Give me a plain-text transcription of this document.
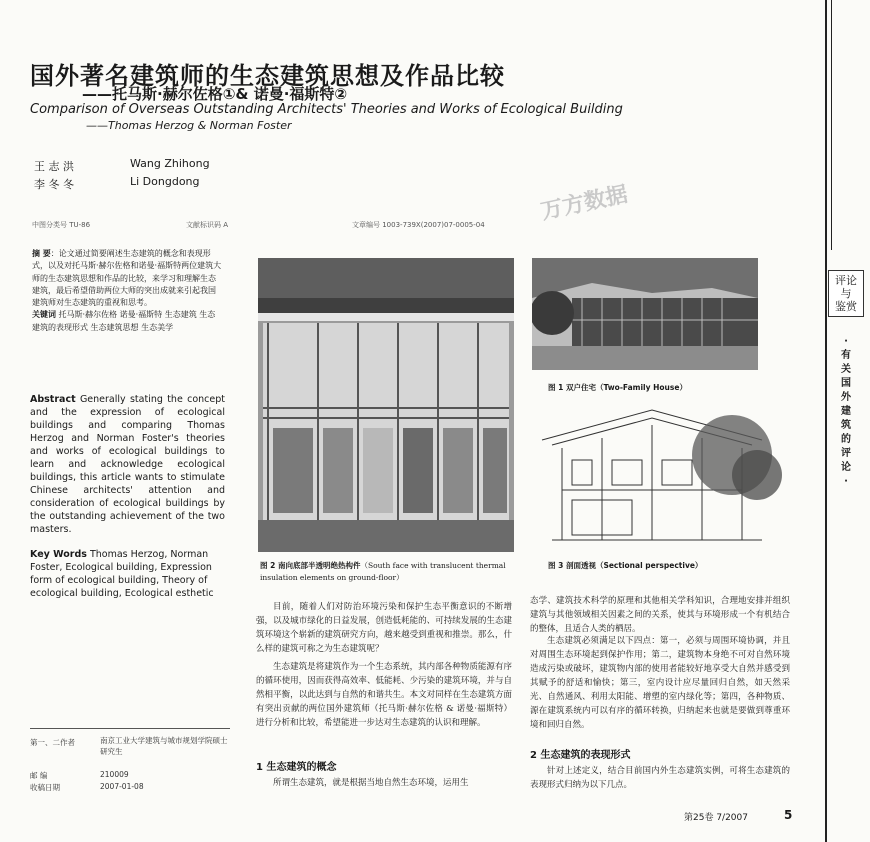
万方数据
国外著名建筑师的生态建筑思想及作品比较
——托马斯·赫尔佐格①& 诺曼·福斯特②
Comparison of Overseas Outstanding Architects' Theories and Works of Ecological Building
——Thomas Herzog & Norman Foster
王 志 洪	Wang Zhihong
李 冬 冬	Li Dongdong
中图分类号 TU-86	文献标识码 A	文章编号 1003-739X(2007)07-0005-04
摘 要：论文通过简要阐述生态建筑的概念和表现形式，以及对托马斯·赫尔佐格和诺曼·福斯特两位建筑大师的生态建筑思想和作品的比较，来学习和理解生态建筑，最后希望借助两位大师的突出成就来引起我国建筑师对生态建筑的重视和思考。
关键词 托马斯·赫尔佐格 诺曼·福斯特 生态建筑 生态建筑的表现形式 生态建筑思想 生态美学
Abstract Generally stating the concept and the expression of ecological buildings and comparing Thomas Herzog and Norman Foster's theories and works of ecological buildings to learn and acknowledge ecological buildings, this article wants to stimulate Chinese architects' attention and consideration of ecological buildings by the outstanding achievement of the two masters.
Key Words Thomas Herzog, Norman Foster, Ecological building, Expression form of ecological building, Theory of ecological building, Ecological esthetic
第一、二作者	南京工业大学建筑与城市规划学院硕士研究生
邮 编	210009
收稿日期	2007-01-08
图 2 南向底部半透明绝热构件（South face with translucent thermal insulation elements on ground-floor）
图 1 双户住宅（Two-Family House）
图 3 剖面透视（Sectional perspective）
目前，随着人们对防治环境污染和保护生态平衡意识的不断增强，以及城市绿化的日益发展，创造低耗能的、可持续发展的生态建筑环境这个崭新的建筑研究方向，越来越受到重视和推崇。那么，什么样的建筑可称之为生态建筑呢？
生态建筑是将建筑作为一个生态系统，其内部各种物质能源有序的循环使用，因而获得高效率、低能耗、少污染的建筑环境，并与自然相平衡，以此达到与自然的和谐共生。本文对同样在生态建筑方面有突出贡献的两位国外建筑师（托马斯·赫尔佐格 & 诺曼·福斯特）进行分析和比较，希望能进一步达对生态建筑的认识和理解。
1 生态建筑的概念
所谓生态建筑，就是根据当地自然生态环境，运用生
态学、建筑技术科学的原理和其他相关学科知识，合理地安排并组织建筑与其他领域相关因素之间的关系，使其与环境形成一个有机结合的整体，且适合人类的栖居。
生态建筑必须满足以下四点：第一，必须与周围环境协调，并且对周围生态环境起到保护作用；第二，建筑物本身绝不可对自然环境造成污染或破坏，建筑物内部的使用者能较好地享受大自然并感受到其赋予的舒适和愉快；第三，室内设计应尽量回归自然，如天然采光、自然通风、利用太阳能、增塑的室内绿化等；第四，各种物质、源在建筑系统内可以有序的循环转换，归纳起来也就是要做到尊重环境和回归自然。
2 生态建筑的表现形式
针对上述定义，结合目前国内外生态建筑实例，可将生态建筑的表现形式归纳为以下几点。
第25卷 7/2007	5
评论
与
鉴赏
·
有
关
国
外
建
筑
的
评
论
·
